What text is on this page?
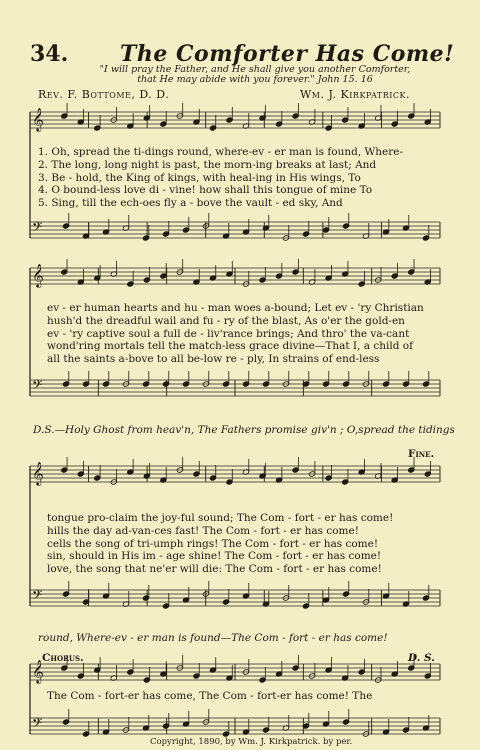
34. The Comforter Has Come!
"I will pray the Father, and He shall give you another Comforter,
that He may abide with you forever." John 15. 16
Rev. F. Bottome, D. D.	Wm. J. Kirkpatrick.
𝄞
𝄢
𝄞
𝄢
𝄞
𝄢
𝄞
𝄢
1. Oh, spread the ti-dings round, where-ev - er man is found, Where-
2. The long, long night is past, the morn-ing breaks at last; And
3. Be - hold, the King of kings, with heal-ing in His wings, To
4. O bound-less love di - vine! how shall this tongue of mine To
5. Sing, till the ech-oes fly a - bove the vault - ed sky, And
ev - er human hearts and hu - man woes a-bound; Let ev - 'ry Christian
hush'd the dreadful wail and fu - ry of the blast, As o'er the gold-en
ev - 'ry captive soul a full de - liv'rance brings; And thro' the va-cant
wond'ring mortals tell the match-less grace divine—That I, a child of
all the saints a-bove to all be-low re - ply, In strains of end-less
D.S.—Holy Ghost from heav'n, The Fathers promise giv'n ; O,spread the tidings
Fine.
tongue pro-claim the joy-ful sound; The Com - fort - er has come!
hills the day ad-van-ces fast! The Com - fort - er has come!
cells the song of tri-umph rings! The Com - fort - er has come!
sin, should in His im - age shine! The Com - fort - er has come!
love, the song that ne'er will die: The Com - fort - er has come!
round, Where-ev - er man is found—The Com - fort - er has come!
Chorus.	D. S.
The Com - fort-er has come, The Com - fort-er has come! The
Copyright, 1890, by Wm. J. Kirkpatrick. by per.
